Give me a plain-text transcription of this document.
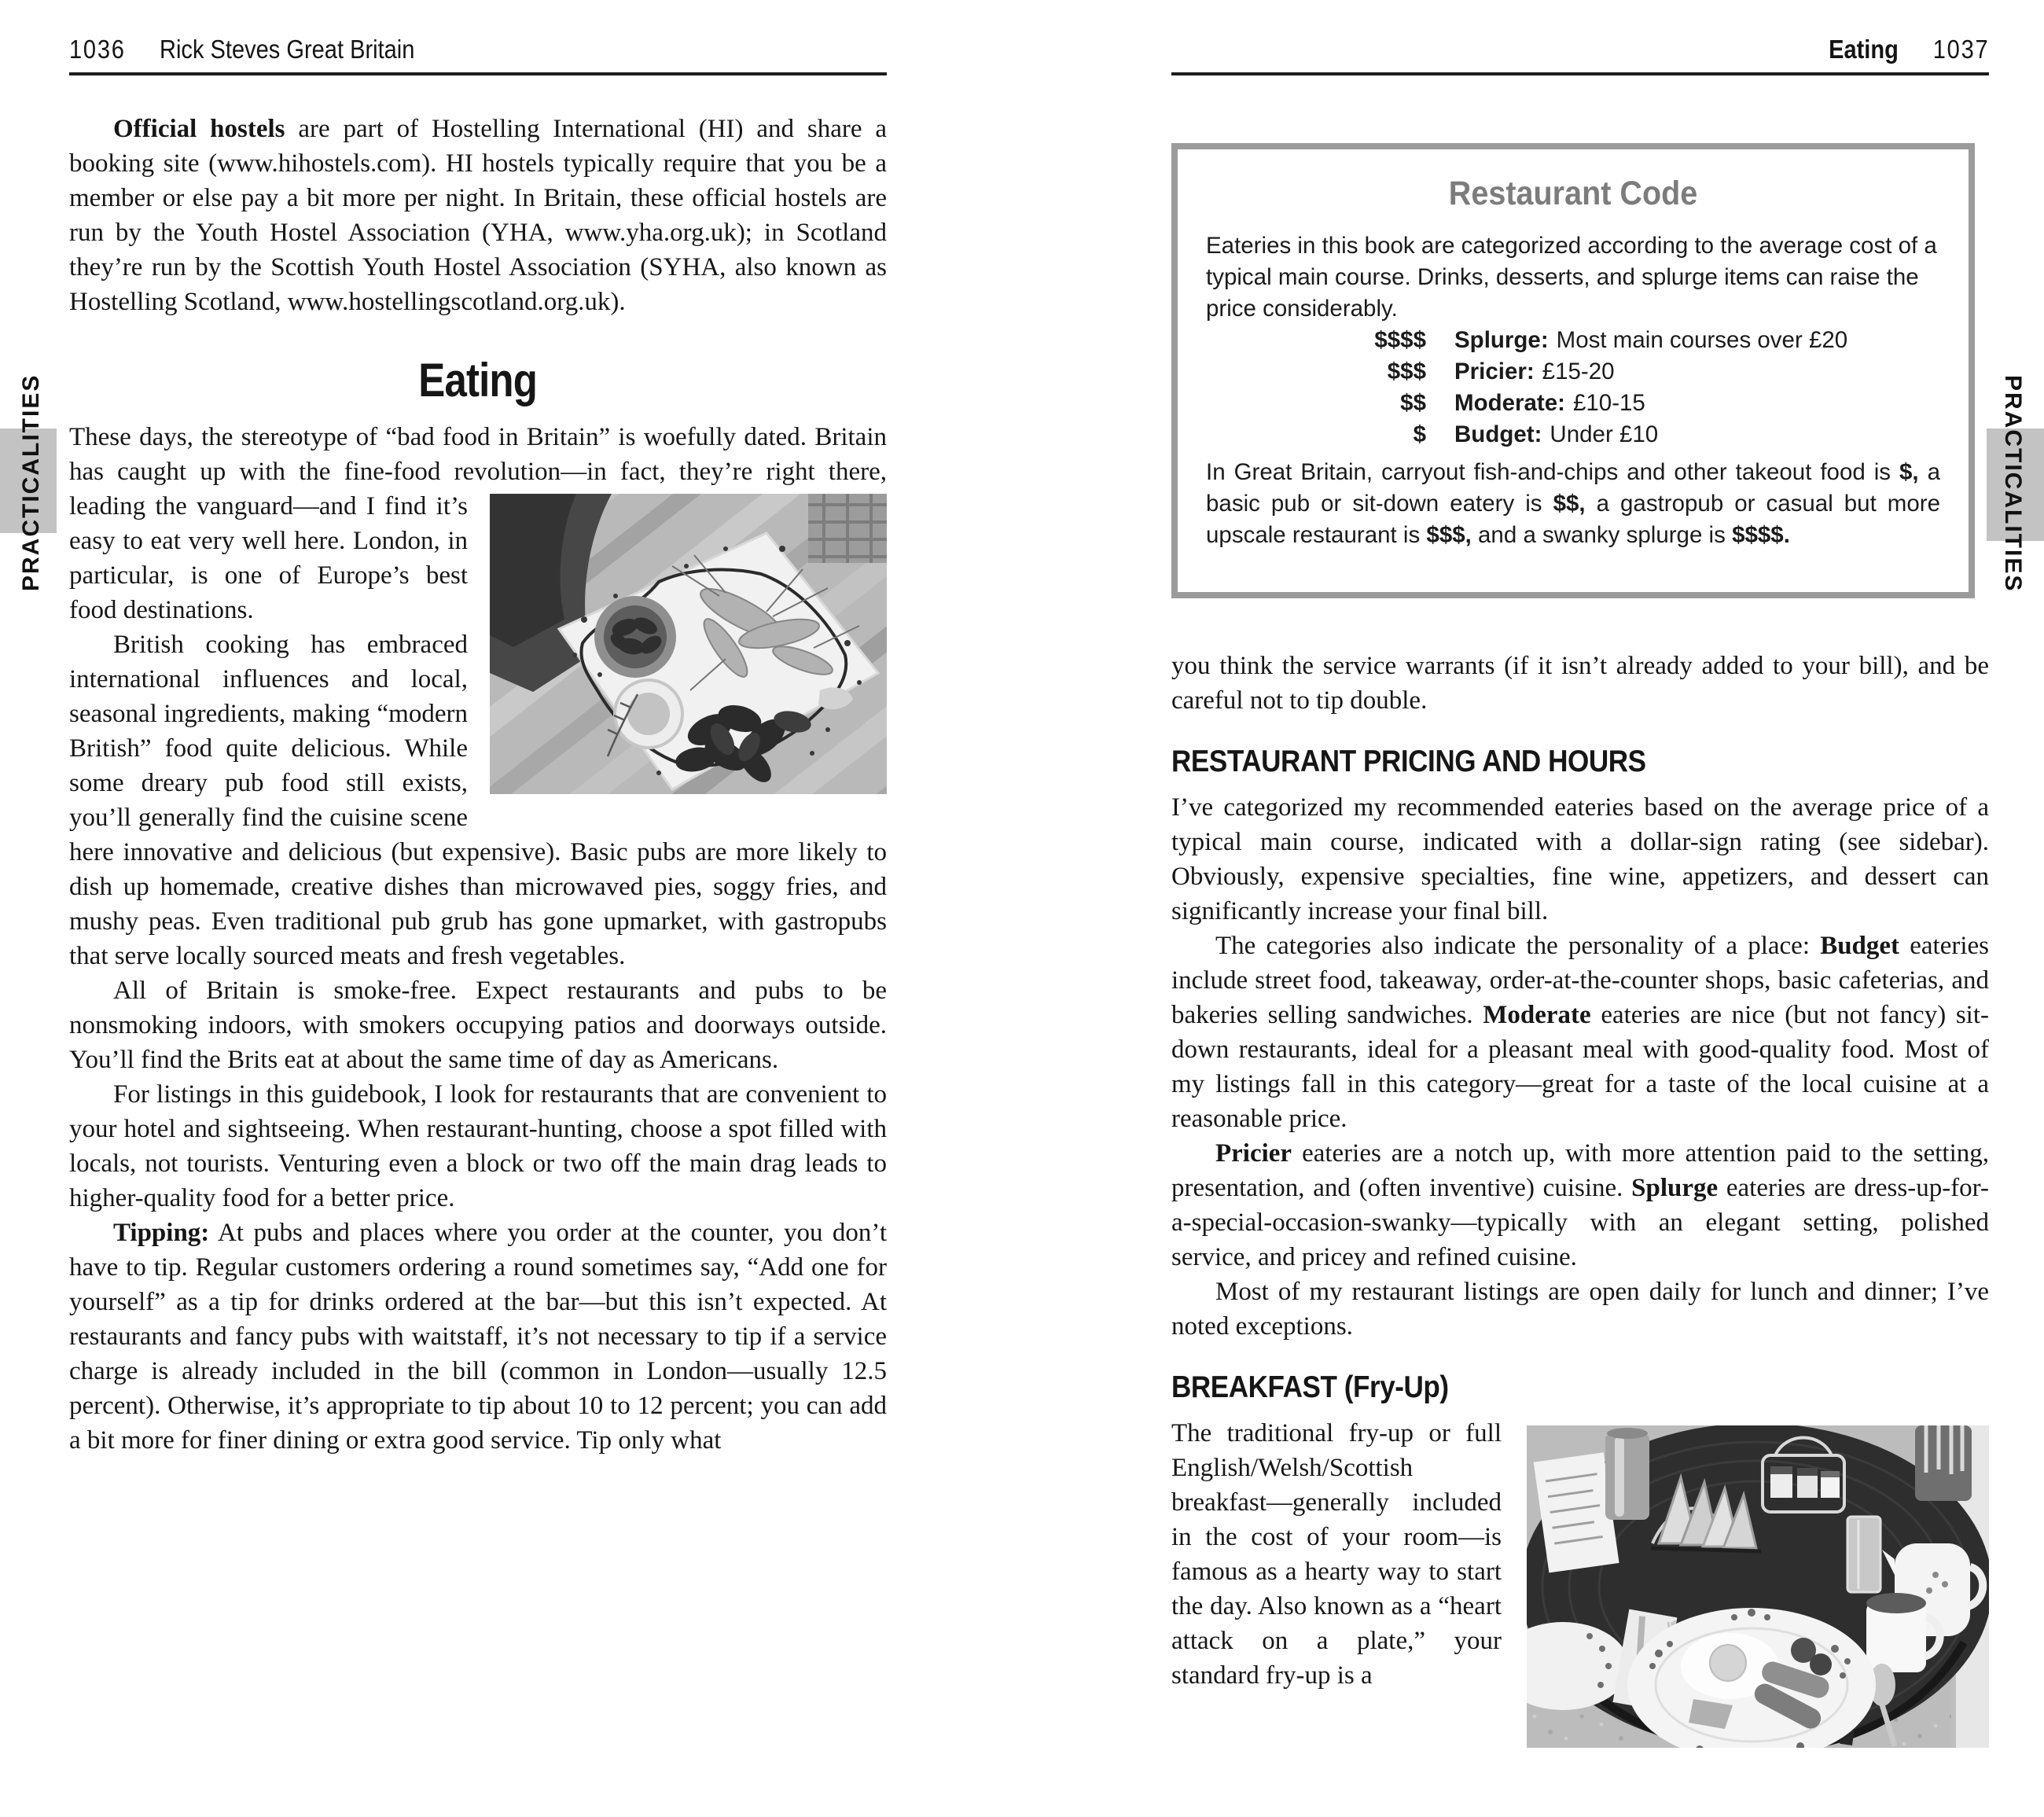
1036 Rick Steves Great Britain

Official hostels are part of Hostelling International (HI) and share a booking site (www.hihostels.com). HI hostels typically require that you be a member or else pay a bit more per night. In Britain, these official hostels are run by the Youth Hostel Association (YHA, www.yha.org.uk); in Scotland they’re run by the Scottish Youth Hostel Association (SYHA, also known as Hostelling Scotland, www.hostellingscotland.org.uk).

Eating

These days, the stereotype of “bad food in Britain” is woefully dated. Britain has caught up with the fine-food revolution—in fact,
they’re right there, leading the vanguard—and I find it’s easy to eat very well here. London, in particular, is one of Europe’s best food destinations.

British cooking has embraced international influences and local, seasonal ingredients, making “modern British” food quite delicious. While some dreary pub food still exists, you’ll generally find the cuisine scene here innovative and delicious (but expensive). Basic pubs are more likely to dish up homemade, creative dishes than microwaved pies, soggy fries, and mushy peas. Even traditional pub grub has gone upmarket, with gastropubs that serve locally sourced meats and fresh vegetables.

All of Britain is smoke-free. Expect restaurants and pubs to be nonsmoking indoors, with smokers occupying patios and doorways outside. You’ll find the Brits eat at about the same time of day as Americans.

For listings in this guidebook, I look for restaurants that are convenient to your hotel and sightseeing. When restaurant-hunting, choose a spot filled with locals, not tourists. Venturing even a block or two off the main drag leads to higher-quality food for a better price.

Tipping: At pubs and places where you order at the counter, you don’t have to tip. Regular customers ordering a round sometimes say, “Add one for yourself” as a tip for drinks ordered at the bar—but this isn’t expected. At restaurants and fancy pubs with waitstaff, it’s not necessary to tip if a service charge is already included in the bill (common in London—usually 12.5 percent). Otherwise, it’s appropriate to tip about 10 to 12 percent; you can add a bit more for finer dining or extra good service. Tip only what

Eating 1037
Restaurant Code
Eateries in this book are categorized according to the average cost of a typical main course. Drinks, desserts, and splurge items can raise the price considerably.
$$$$ Splurge: Most main courses over £20
$$$ Pricier: £15-20
$$ Moderate: £10-15
$ Budget: Under £10
In Great Britain, carryout fish-and-chips and other takeout food is $, a basic pub or sit-down eatery is $$, a gastropub or casual but more upscale restaurant is $$$, and a swanky splurge is $$$$.

you think the service warrants (if it isn’t already added to your bill), and be careful not to tip double.

RESTAURANT PRICING AND HOURS

I’ve categorized my recommended eateries based on the average price of a typical main course, indicated with a dollar-sign rating (see sidebar). Obviously, expensive specialties, fine wine, appetizers, and dessert can significantly increase your final bill.

The categories also indicate the personality of a place: Budget eateries include street food, takeaway, order-at-the-counter shops, basic cafeterias, and bakeries selling sandwiches. Moderate eateries are nice (but not fancy) sit-down restaurants, ideal for a pleasant meal with good-quality food. Most of my listings fall in this category—great for a taste of the local cuisine at a reasonable price.

Pricier eateries are a notch up, with more attention paid to the setting, presentation, and (often inventive) cuisine. Splurge eateries are dress-up-for-a-special-occasion-swanky—typically with an elegant setting, polished service, and pricey and refined cuisine.

Most of my restaurant listings are open daily for lunch and dinner; I’ve noted exceptions.

BREAKFAST (Fry-Up)

The traditional fry-up or full English/Welsh/Scottish breakfast—generally included in the cost of your room—is famous as a hearty way to start the day. Also known as a “heart attack on a plate,” your standard fry-up is a

PRACTICALITIES	PRACTICALITIES
